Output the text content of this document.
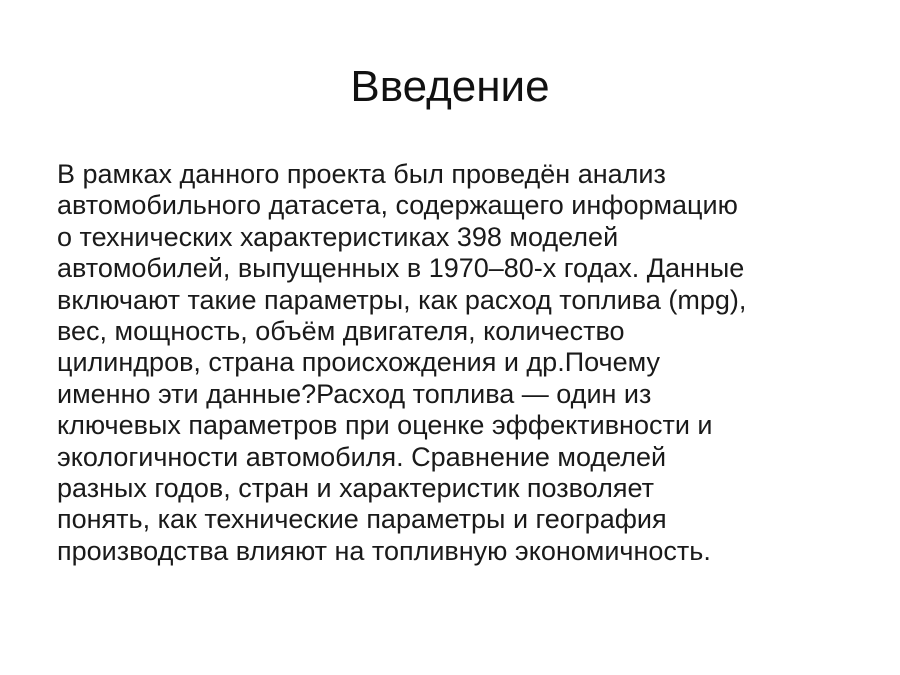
Введение
В рамках данного проекта был проведён анализ
автомобильного датасета, содержащего информацию
о технических характеристиках 398 моделей
автомобилей, выпущенных в 1970–80-х годах. Данные
включают такие параметры, как расход топлива (mpg),
вес, мощность, объём двигателя, количество
цилиндров, страна происхождения и др.Почему
именно эти данные?Расход топлива — один из
ключевых параметров при оценке эффективности и
экологичности автомобиля. Сравнение моделей
разных годов, стран и характеристик позволяет
понять, как технические параметры и география
производства влияют на топливную экономичность.
